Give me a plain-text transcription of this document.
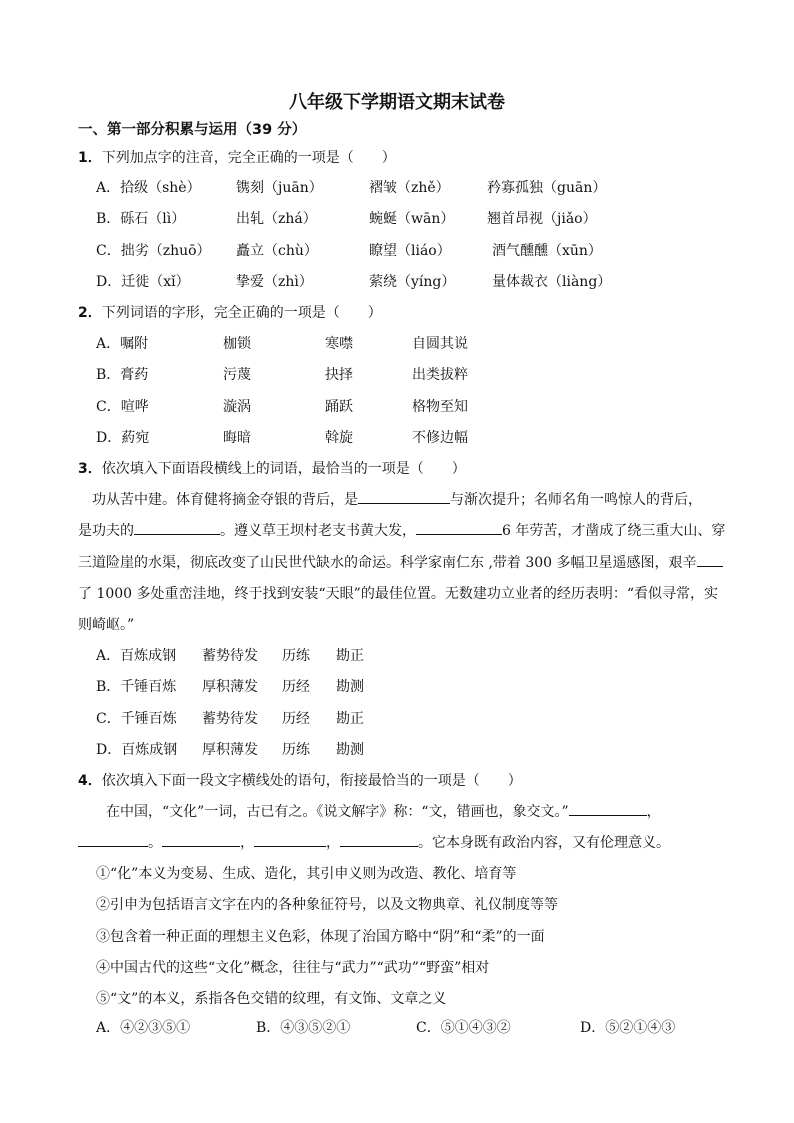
八年级下学期语文期末试卷
一、第一部分积累与运用（39 分）
1．下列加点字的注音，完全正确的一项是（　　）
A．拾级（shè）	镌刻（juān）	褶皱（zhě）	矜寡孤独（guān）
B．砾石（lì）	出轧（zhá）	蜿蜒（wān） 翘首昂视（jiǎo）
C．拙劣（zhuō） 矗立（chù）	瞭望（liáo）	酒气醺醺（xūn）
D．迁徙（xǐ）	挚爱（zhì）	萦绕（yíng）	量体裁衣（liàng）
2．下列词语的字形，完全正确的一项是（　　）
A．嘱附	枷锁	寒噤	自圆其说
B．膏药	污蔑	抉择	出类拔粹
C．喧哗	漩涡	踊跃	格物至知
D．葯宛	晦暗	斡旋	不修边幅
3．依次填入下面语段横线上的词语，最恰当的一项是（　　）
　功从苦中建。体育健将摘金夺银的背后，是	与渐次提升；名师名角一鸣惊人的背后，
是功夫的	。遵义草王坝村老支书黄大发，	6 年劳苦，才凿成了绕三重大山、穿
三道险崖的水渠，彻底改变了山民世代缺水的命运。科学家南仁东 ,带着 300 多幅卫星遥感图，艰辛
了 1000 多处重峦洼地，终于找到安装“天眼”的最佳位置。无数建功立业者的经历表明：“看似寻常，实
则崎岖。”
A．百炼成钢 蓄势待发 历练 勘正
B．千锤百炼 厚积薄发 历经 勘测
C．千锤百炼 蓄势待发 历经 勘正
D．百炼成钢 厚积薄发 历练 勘测
4．依次填入下面一段文字横线处的语句，衔接最恰当的一项是（　　）
　　在中国，“文化”一词，古已有之。《说文解字》称：“文，错画也，象交文。”	，
。	，	，	。它本身既有政治内容，又有伦理意义。
①“化”本义为变易、生成、造化，其引申义则为改造、教化、培育等
②引申为包括语言文字在内的各种象征符号，以及文物典章、礼仪制度等等
③包含着一种正面的理想主义色彩，体现了治国方略中“阴”和“柔”的一面
④中国古代的这些“文化”概念，往往与“武力”“武功”“野蛮”相对
⑤“文”的本义，系指各色交错的纹理，有文饰、文章之义
A．④②③⑤①	B．④③⑤②①	C．⑤①④③②	D．⑤②①④③
